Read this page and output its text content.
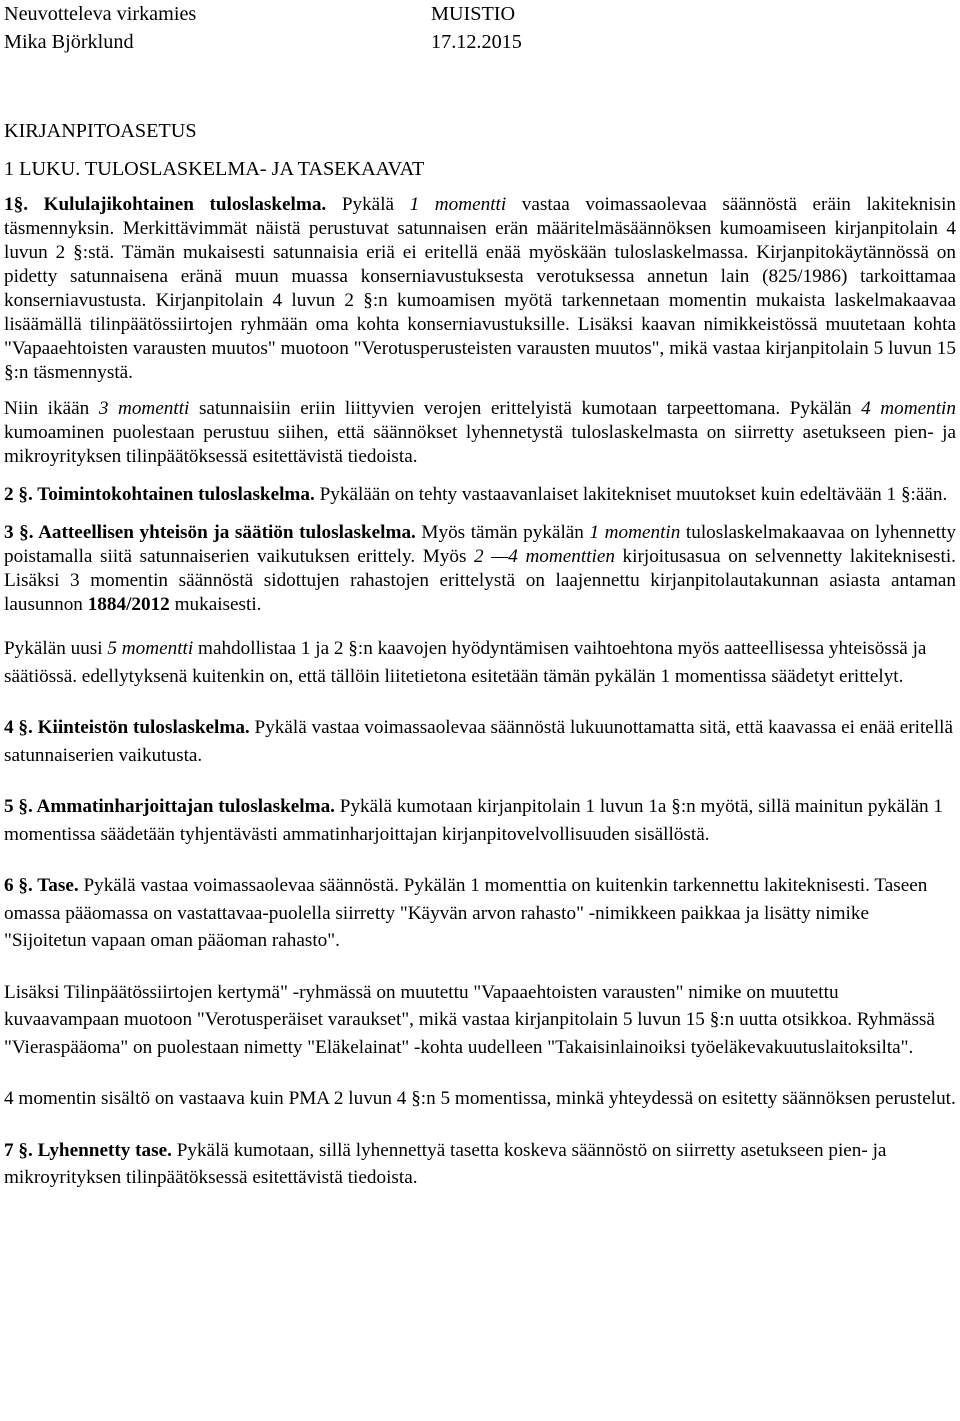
Neuvotteleva virkamies	MUISTIO
Mika Björklund	17.12.2015
KIRJANPITOASETUS
1 LUKU. TULOSLASKELMA- JA TASEKAAVAT

1§. Kululajikohtainen tuloslaskelma. Pykälä 1 momentti vastaa voimassaolevaa säännöstä eräin lakiteknisin täsmennyksin. Merkittävimmät näistä perustuvat satunnaisen erän määritelmäsäännöksen kumoamiseen kirjanpitolain 4 luvun 2 §:stä. Tämän mukaisesti satunnaisia eriä ei eritellä enää myöskään tuloslaskelmassa. Kirjanpitokäytännössä on pidetty satunnaisena eränä muun muassa konserniavustuksesta verotuksessa annetun lain (825/1986) tarkoittamaa konserniavustusta. Kirjanpitolain 4 luvun 2 §:n kumoamisen myötä tarkennetaan momentin mukaista laskelmakaavaa lisäämällä tilinpäätössiirtojen ryhmään oma kohta konserniavustuksille. Lisäksi kaavan nimikkeistössä muutetaan kohta "Vapaaehtoisten varausten muutos" muotoon "Verotusperusteisten varausten muutos", mikä vastaa kirjanpitolain 5 luvun 15 §:n täsmennystä.

Niin ikään 3 momentti satunnaisiin eriin liittyvien verojen erittelyistä kumotaan tarpeettomana. Pykälän 4 momentin kumoaminen puolestaan perustuu siihen, että säännökset lyhennetystä tuloslaskelmasta on siirretty asetukseen pien- ja mikroyrityksen tilinpäätöksessä esitettävistä tiedoista.

2 §. Toimintokohtainen tuloslaskelma. Pykälään on tehty vastaavanlaiset lakitekniset muutokset kuin edeltävään 1 §:ään.

3 §. Aatteellisen yhteisön ja säätiön tuloslaskelma. Myös tämän pykälän 1 momentin tuloslaskelmakaavaa on lyhennetty poistamalla siitä satunnaiserien vaikutuksen erittely. Myös 2 —4 momenttien kirjoitusasua on selvennetty lakiteknisesti. Lisäksi 3 momentin säännöstä sidottujen rahastojen erittelystä on laajennettu kirjanpitolautakunnan asiasta antaman lausunnon 1884/2012 mukaisesti.

Pykälän uusi 5 momentti mahdollistaa 1 ja 2 §:n kaavojen hyödyntämisen vaihtoehtona myös aatteellisessa yhteisössä ja säätiössä. edellytyksenä kuitenkin on, että tällöin liitetietona esitetään tämän pykälän 1 momentissa säädetyt erittelyt.

4 §. Kiinteistön tuloslaskelma. Pykälä vastaa voimassaolevaa säännöstä lukuunottamatta sitä, että kaavassa ei enää eritellä satunnaiserien vaikutusta.

5 §. Ammatinharjoittajan tuloslaskelma. Pykälä kumotaan kirjanpitolain 1 luvun 1a §:n myötä, sillä mainitun pykälän 1 momentissa säädetään tyhjentävästi ammatinharjoittajan kirjanpitovelvollisuuden sisällöstä.

6 §. Tase. Pykälä vastaa voimassaolevaa säännöstä. Pykälän 1 momenttia on kuitenkin tarkennettu lakiteknisesti. Taseen omassa pääomassa on vastattavaa-puolella siirretty "Käyvän arvon rahasto" -nimikkeen paikkaa ja lisätty nimike "Sijoitetun vapaan oman pääoman rahasto".

Lisäksi Tilinpäätössiirtojen kertymä" -ryhmässä on muutettu "Vapaaehtoisten varausten" nimike on muutettu kuvaavampaan muotoon "Verotusperäiset varaukset", mikä vastaa kirjanpitolain 5 luvun 15 §:n uutta otsikkoa. Ryhmässä "Vieraspääoma" on puolestaan nimetty "Eläkelainat" -kohta uudelleen "Takaisinlainoiksi työeläkevakuutuslaitoksilta".

4 momentin sisältö on vastaava kuin PMA 2 luvun 4 §:n 5 momentissa, minkä yhteydessä on esitetty säännöksen perustelut.

7 §. Lyhennetty tase. Pykälä kumotaan, sillä lyhennettyä tasetta koskeva säännöstö on siirretty asetukseen pien- ja mikroyrityksen tilinpäätöksessä esitettävistä tiedoista.
